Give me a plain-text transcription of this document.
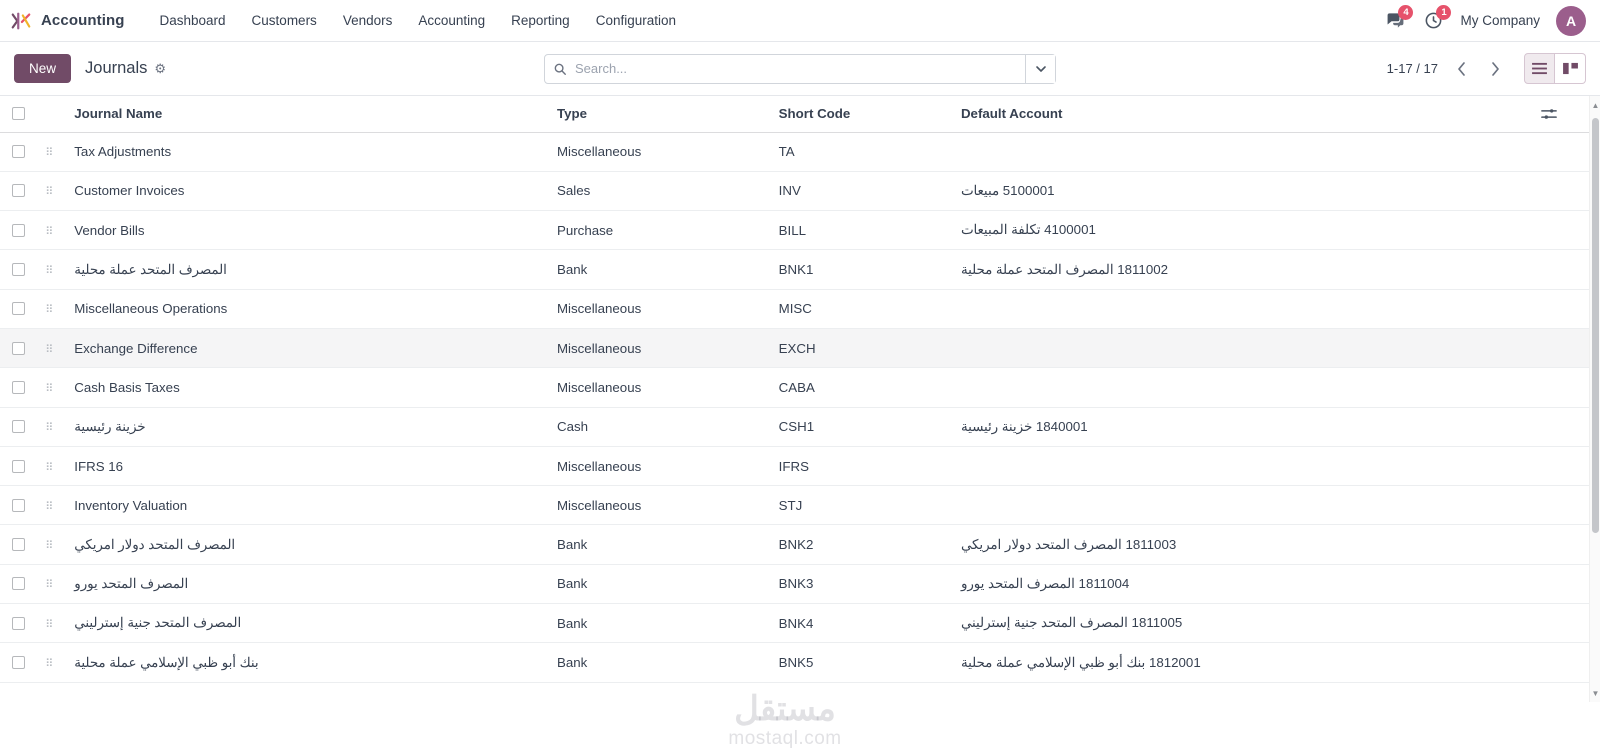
Accounting	Dashboard	Customers	Vendors	Accounting	Reporting	Configuration
4	1
My Company	A
New	Journals ⚙
Search...	1-17 / 17
		Journal Name	Type	Short Code	Default Account	

	⠿	Tax Adjustments	Miscellaneous	TA		

	⠿	Customer Invoices	Sales	INV	5100001 مبيعات	

	⠿	Vendor Bills	Purchase	BILL	4100001 تكلفة المبيعات	

	⠿	المصرف المتحد عملة محلية	Bank	BNK1	1811002 المصرف المتحد عملة محلية	

	⠿	Miscellaneous Operations	Miscellaneous	MISC		

	⠿	Exchange Difference	Miscellaneous	EXCH		

	⠿	Cash Basis Taxes	Miscellaneous	CABA		

	⠿	خزينة رئيسية	Cash	CSH1	1840001 خزينة رئيسية	

	⠿	IFRS 16	Miscellaneous	IFRS		

	⠿	Inventory Valuation	Miscellaneous	STJ		

	⠿	المصرف المتحد دولار امريكي	Bank	BNK2	1811003 المصرف المتحد دولار امريكي	

	⠿	المصرف المتحد يورو	Bank	BNK3	1811004 المصرف المتحد يورو	

	⠿	المصرف المتحد جنية إسترليني	Bank	BNK4	1811005 المصرف المتحد جنية إسترليني	

	⠿	بنك أبو ظبي الإسلامي عملة محلية	Bank	BNK5	1812001 بنك أبو ظبي الإسلامي عملة محلية	
مستقل
mostaql.com
▲
▼
